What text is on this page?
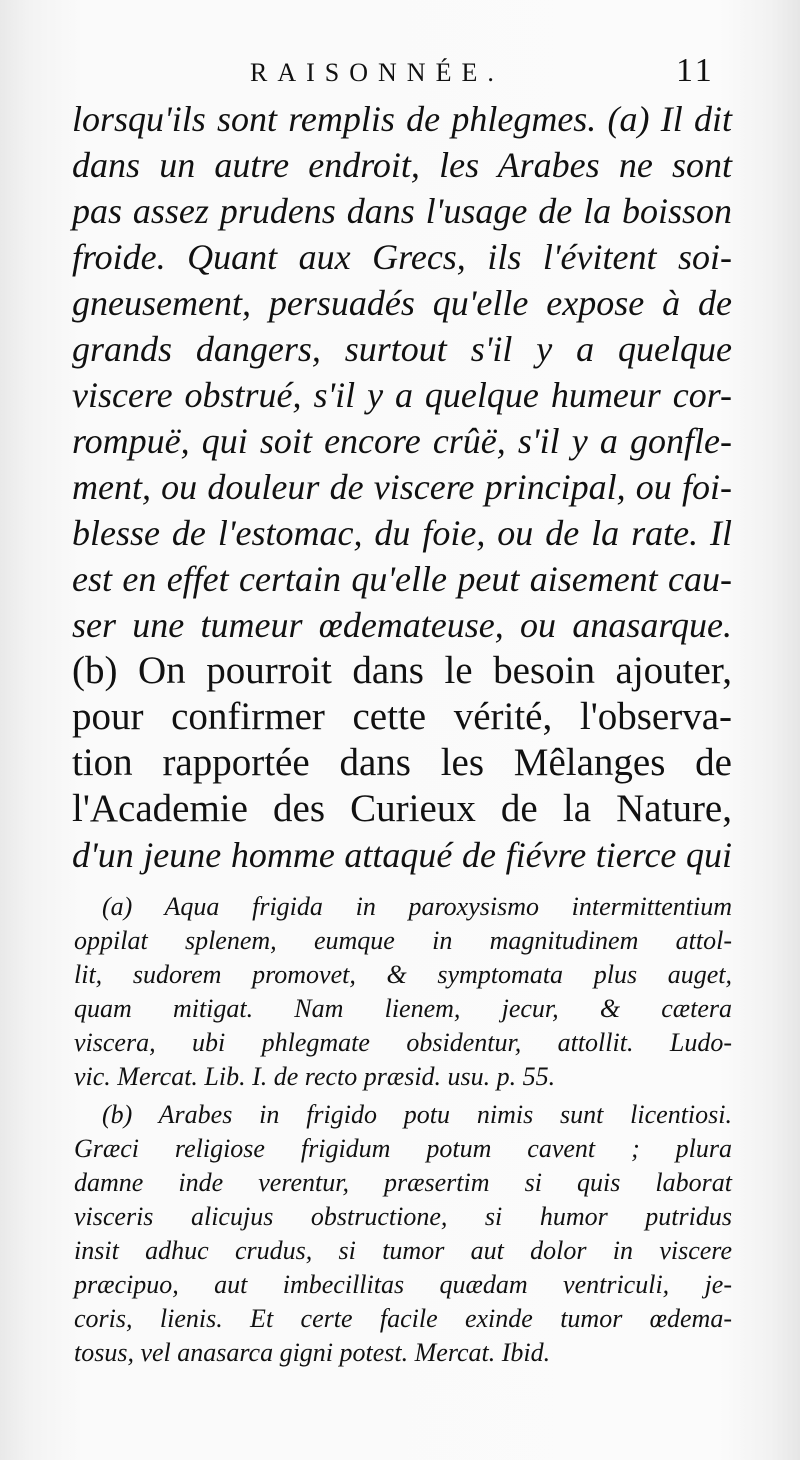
RAISONNÉE.	11
lorsqu'ils sont remplis de phlegmes. (a) Il dit
dans un autre endroit, les Arabes ne sont
pas assez prudens dans l'usage de la boisson
froide. Quant aux Grecs, ils l'évitent soi-
gneusement, persuadés qu'elle expose à de
grands dangers, surtout s'il y a quelque
viscere obstrué, s'il y a quelque humeur cor-
rompuë, qui soit encore crûë, s'il y a gonfle-
ment, ou douleur de viscere principal, ou foi-
blesse de l'estomac, du foie, ou de la rate. Il
est en effet certain qu'elle peut aisement cau-
ser une tumeur œdemateuse, ou anasarque.
(b) On pourroit dans le besoin ajouter,
pour confirmer cette vérité, l'observa-
tion rapportée dans les Mêlanges de
l'Academie des Curieux de la Nature,
d'un jeune homme attaqué de fiévre tierce qui
(a) Aqua frigida in paroxysismo intermittentium
oppilat splenem, eumque in magnitudinem attol-
lit, sudorem promovet, & symptomata plus auget,
quam mitigat. Nam lienem, jecur, & cætera
viscera, ubi phlegmate obsidentur, attollit. Ludo-
vic. Mercat. Lib. I. de recto præsid. usu. p. 55.
(b) Arabes in frigido potu nimis sunt licentiosi.
Græci religiose frigidum potum cavent ; plura
damne inde verentur, præsertim si quis laborat
visceris alicujus obstructione, si humor putridus
insit adhuc crudus, si tumor aut dolor in viscere
præcipuo, aut imbecillitas quædam ventriculi, je-
coris, lienis. Et certe facile exinde tumor œdema-
tosus, vel anasarca gigni potest. Mercat. Ibid.
